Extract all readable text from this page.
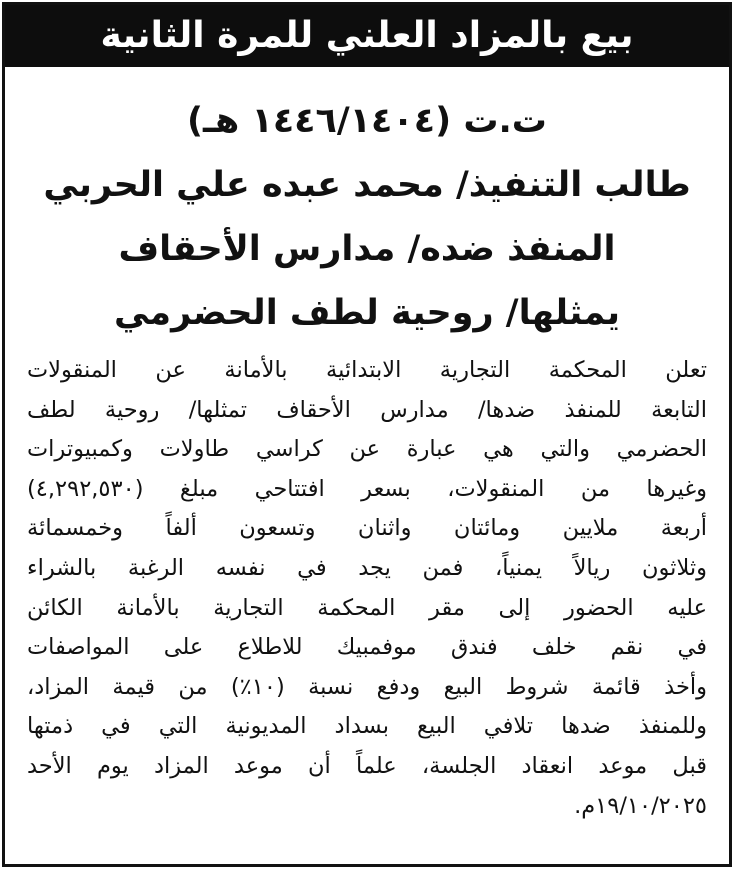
بيع بالمزاد العلني للمرة الثانية
ت.ت (١٤٤٦/١٤٠٤ هـ)
طالب التنفيذ/ محمد عبده علي الحربي
المنفذ ضده/ مدارس الأحقاف
يمثلها/ روحية لطف الحضرمي
تعلن المحكمة التجارية الابتدائية بالأمانة عن المنقولات
التابعة للمنفذ ضدها/ مدارس الأحقاف تمثلها/ روحية لطف
الحضرمي والتي هي عبارة عن كراسي طاولات وكمبيوترات
وغيرها من المنقولات، بسعر افتتاحي مبلغ (٤,٢٩٢,٥٣٠)
أربعة ملايين ومائتان واثنان وتسعون ألفاً وخمسمائة
وثلاثون ريالاً يمنياً، فمن يجد في نفسه الرغبة بالشراء
عليه الحضور إلى مقر المحكمة التجارية بالأمانة الكائن
في نقم خلف فندق موفمبيك للاطلاع على المواصفات
وأخذ قائمة شروط البيع ودفع نسبة (١٠٪) من قيمة المزاد،
وللمنفذ ضدها تلافي البيع بسداد المديونية التي في ذمتها
قبل موعد انعقاد الجلسة، علماً أن موعد المزاد يوم الأحد
١٩/١٠/٢٠٢٥م.
